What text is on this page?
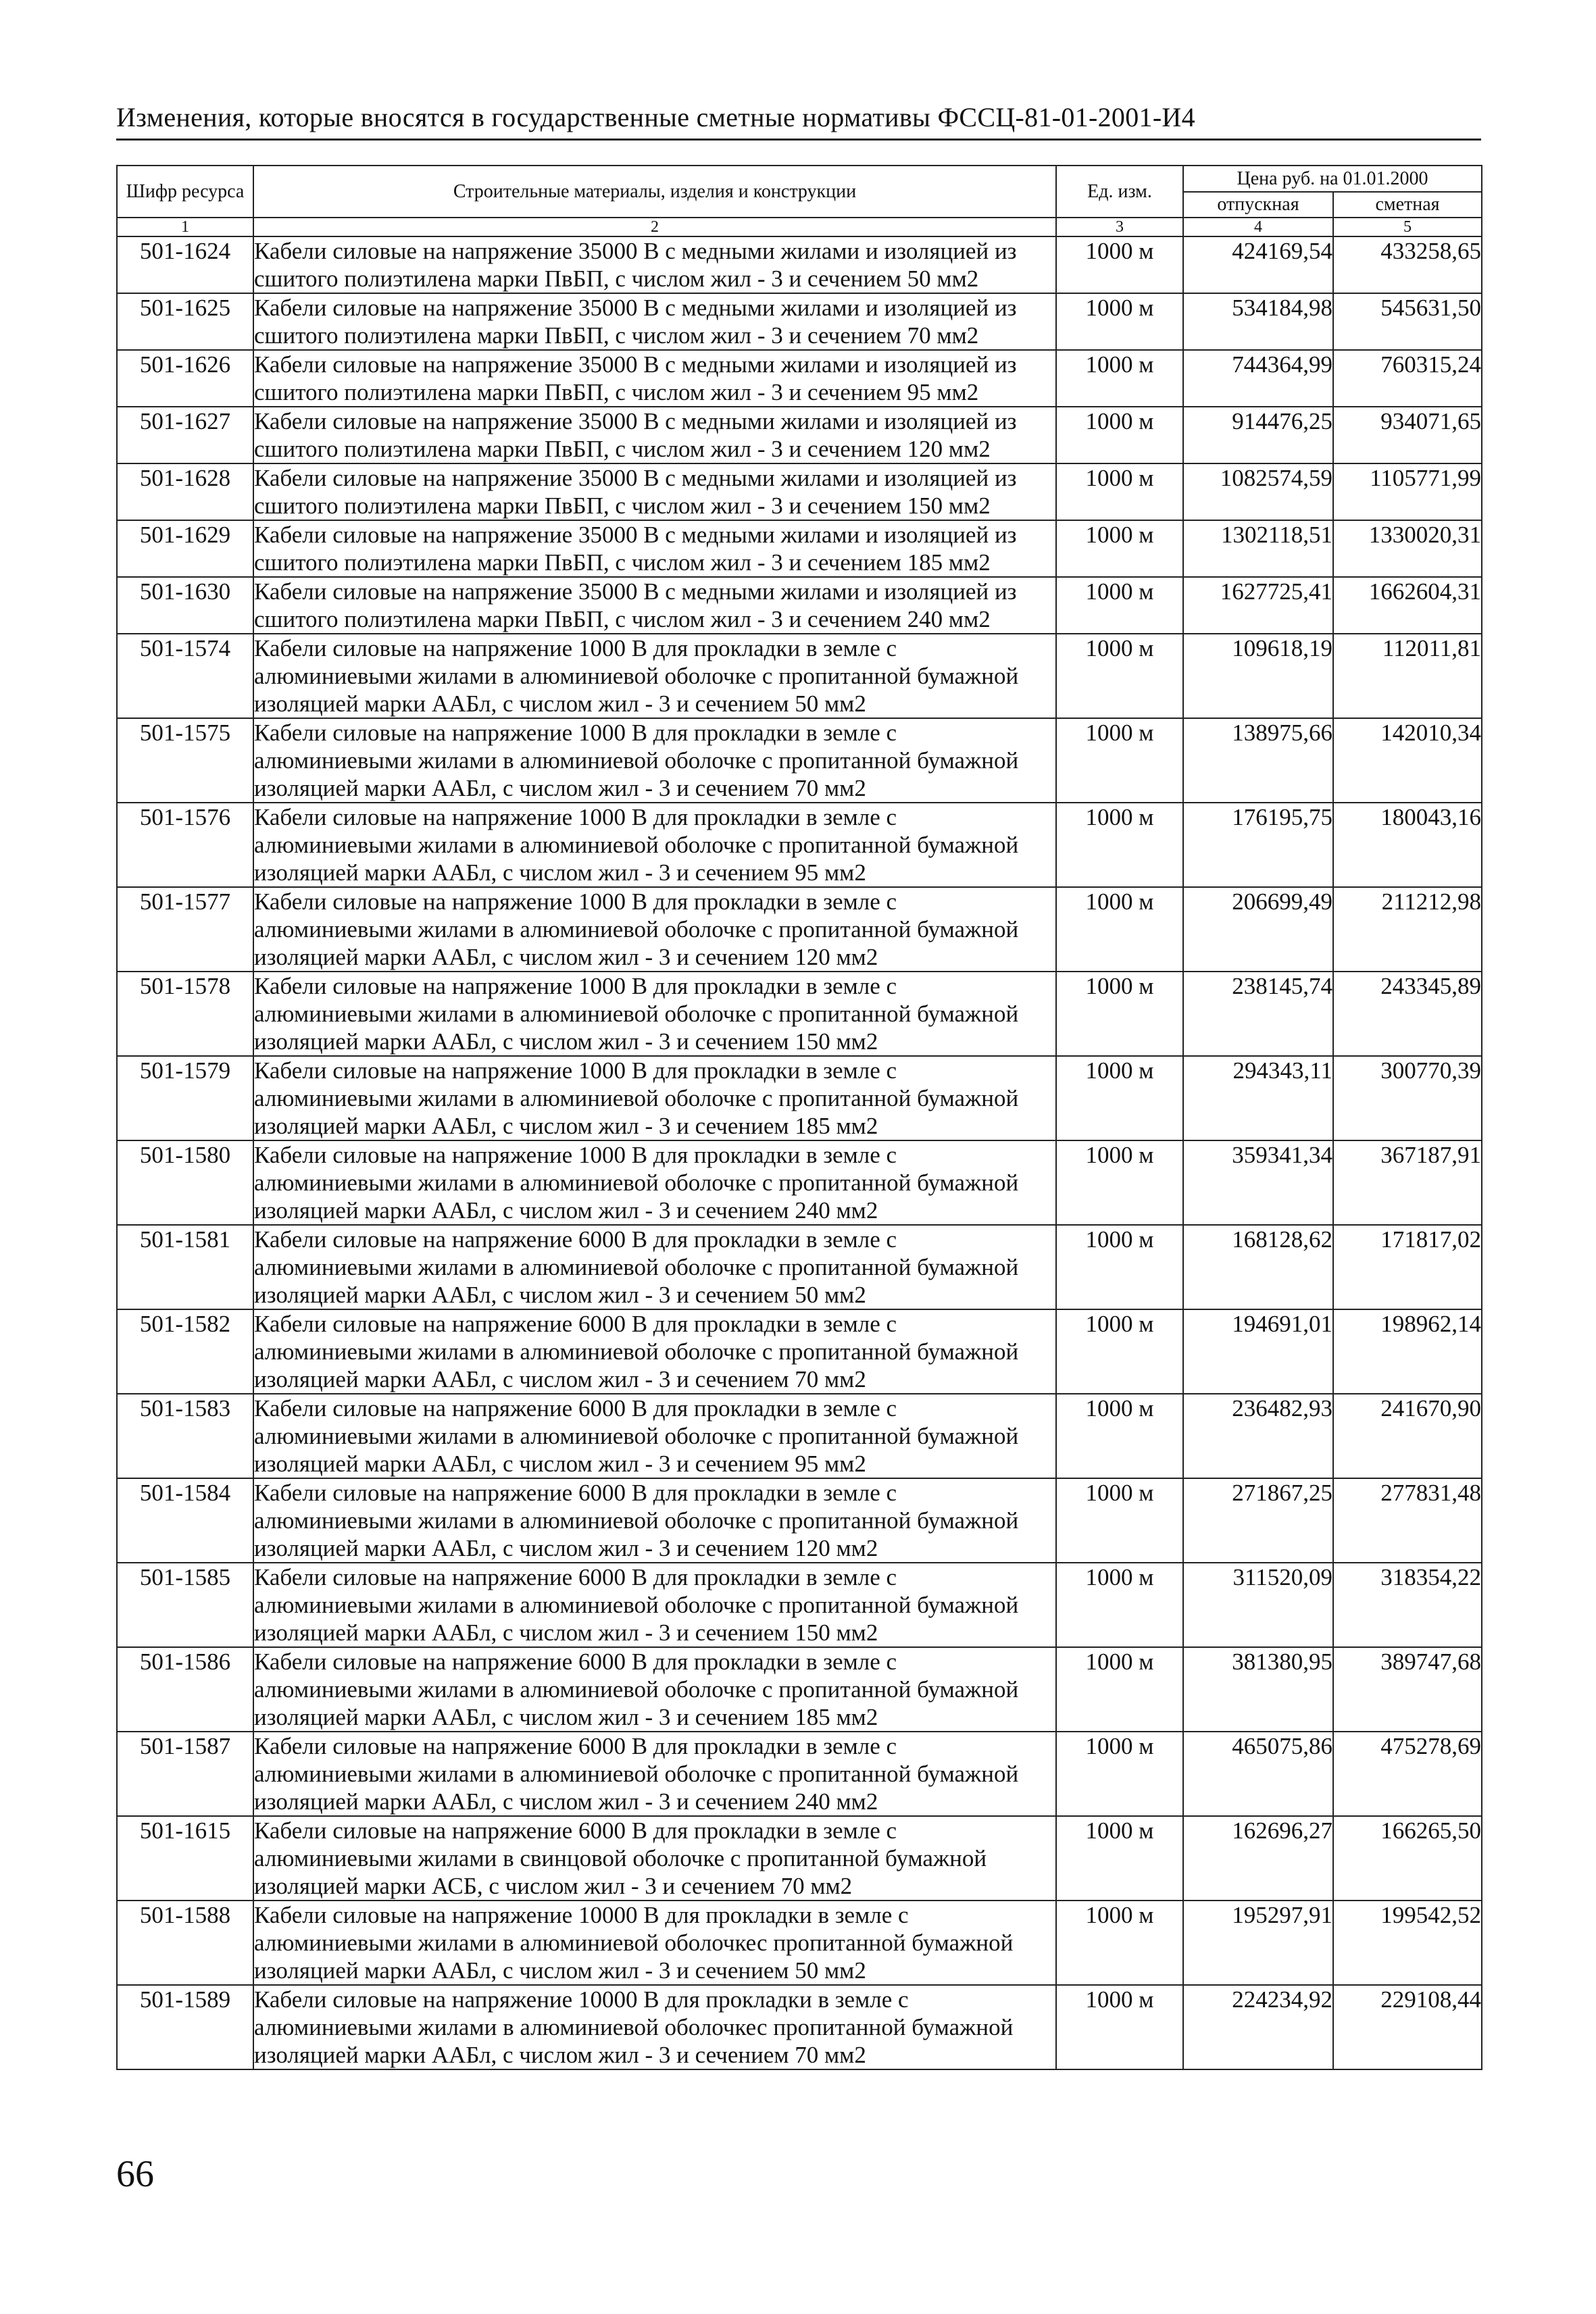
Изменения, которые вносятся в государственные сметные нормативы ФССЦ-81-01-2001-И4
Шифр ресурса	Строительные материалы, изделия и конструкции	Ед. изм.	Цена руб. на 01.01.2000	
			отпускная	сметная
1	2	3	4	5
501-1624	Кабели силовые на напряжение 35000 В с медными жилами и изоляцией из
сшитого полиэтилена марки ПвБП, с числом жил - 3 и сечением 50 мм2	1000 м	424169,54	433258,65
501-1625	Кабели силовые на напряжение 35000 В с медными жилами и изоляцией из
сшитого полиэтилена марки ПвБП, с числом жил - 3 и сечением 70 мм2	1000 м	534184,98	545631,50
501-1626	Кабели силовые на напряжение 35000 В с медными жилами и изоляцией из
сшитого полиэтилена марки ПвБП, с числом жил - 3 и сечением 95 мм2	1000 м	744364,99	760315,24
501-1627	Кабели силовые на напряжение 35000 В с медными жилами и изоляцией из
сшитого полиэтилена марки ПвБП, с числом жил - 3 и сечением 120 мм2	1000 м	914476,25	934071,65
501-1628	Кабели силовые на напряжение 35000 В с медными жилами и изоляцией из
сшитого полиэтилена марки ПвБП, с числом жил - 3 и сечением 150 мм2	1000 м	1082574,59	1105771,99
501-1629	Кабели силовые на напряжение 35000 В с медными жилами и изоляцией из
сшитого полиэтилена марки ПвБП, с числом жил - 3 и сечением 185 мм2	1000 м	1302118,51	1330020,31
501-1630	Кабели силовые на напряжение 35000 В с медными жилами и изоляцией из
сшитого полиэтилена марки ПвБП, с числом жил - 3 и сечением 240 мм2	1000 м	1627725,41	1662604,31
501-1574	Кабели силовые на напряжение 1000 В для прокладки в земле с
алюминиевыми жилами в алюминиевой оболочке с пропитанной бумажной
изоляцией марки ААБл, с числом жил - 3 и сечением 50 мм2	1000 м	109618,19	112011,81
501-1575	Кабели силовые на напряжение 1000 В для прокладки в земле с
алюминиевыми жилами в алюминиевой оболочке с пропитанной бумажной
изоляцией марки ААБл, с числом жил - 3 и сечением 70 мм2	1000 м	138975,66	142010,34
501-1576	Кабели силовые на напряжение 1000 В для прокладки в земле с
алюминиевыми жилами в алюминиевой оболочке с пропитанной бумажной
изоляцией марки ААБл, с числом жил - 3 и сечением 95 мм2	1000 м	176195,75	180043,16
501-1577	Кабели силовые на напряжение 1000 В для прокладки в земле с
алюминиевыми жилами в алюминиевой оболочке с пропитанной бумажной
изоляцией марки ААБл, с числом жил - 3 и сечением 120 мм2	1000 м	206699,49	211212,98
501-1578	Кабели силовые на напряжение 1000 В для прокладки в земле с
алюминиевыми жилами в алюминиевой оболочке с пропитанной бумажной
изоляцией марки ААБл, с числом жил - 3 и сечением 150 мм2	1000 м	238145,74	243345,89
501-1579	Кабели силовые на напряжение 1000 В для прокладки в земле с
алюминиевыми жилами в алюминиевой оболочке с пропитанной бумажной
изоляцией марки ААБл, с числом жил - 3 и сечением 185 мм2	1000 м	294343,11	300770,39
501-1580	Кабели силовые на напряжение 1000 В для прокладки в земле с
алюминиевыми жилами в алюминиевой оболочке с пропитанной бумажной
изоляцией марки ААБл, с числом жил - 3 и сечением 240 мм2	1000 м	359341,34	367187,91
501-1581	Кабели силовые на напряжение 6000 В для прокладки в земле с
алюминиевыми жилами в алюминиевой оболочке с пропитанной бумажной
изоляцией марки ААБл, с числом жил - 3 и сечением 50 мм2	1000 м	168128,62	171817,02
501-1582	Кабели силовые на напряжение 6000 В для прокладки в земле с
алюминиевыми жилами в алюминиевой оболочке с пропитанной бумажной
изоляцией марки ААБл, с числом жил - 3 и сечением 70 мм2	1000 м	194691,01	198962,14
501-1583	Кабели силовые на напряжение 6000 В для прокладки в земле с
алюминиевыми жилами в алюминиевой оболочке с пропитанной бумажной
изоляцией марки ААБл, с числом жил - 3 и сечением 95 мм2	1000 м	236482,93	241670,90
501-1584	Кабели силовые на напряжение 6000 В для прокладки в земле с
алюминиевыми жилами в алюминиевой оболочке с пропитанной бумажной
изоляцией марки ААБл, с числом жил - 3 и сечением 120 мм2	1000 м	271867,25	277831,48
501-1585	Кабели силовые на напряжение 6000 В для прокладки в земле с
алюминиевыми жилами в алюминиевой оболочке с пропитанной бумажной
изоляцией марки ААБл, с числом жил - 3 и сечением 150 мм2	1000 м	311520,09	318354,22
501-1586	Кабели силовые на напряжение 6000 В для прокладки в земле с
алюминиевыми жилами в алюминиевой оболочке с пропитанной бумажной
изоляцией марки ААБл, с числом жил - 3 и сечением 185 мм2	1000 м	381380,95	389747,68
501-1587	Кабели силовые на напряжение 6000 В для прокладки в земле с
алюминиевыми жилами в алюминиевой оболочке с пропитанной бумажной
изоляцией марки ААБл, с числом жил - 3 и сечением 240 мм2	1000 м	465075,86	475278,69
501-1615	Кабели силовые на напряжение 6000 В для прокладки в земле с
алюминиевыми жилами в свинцовой оболочке с пропитанной бумажной
изоляцией марки АСБ, с числом жил - 3 и сечением 70 мм2	1000 м	162696,27	166265,50
501-1588	Кабели силовые на напряжение 10000 В для прокладки в земле с
алюминиевыми жилами в алюминиевой оболочкес пропитанной бумажной
изоляцией марки ААБл, с числом жил - 3 и сечением 50 мм2	1000 м	195297,91	199542,52
501-1589	Кабели силовые на напряжение 10000 В для прокладки в земле с
алюминиевыми жилами в алюминиевой оболочкес пропитанной бумажной
изоляцией марки ААБл, с числом жил - 3 и сечением 70 мм2	1000 м	224234,92	229108,44
66
